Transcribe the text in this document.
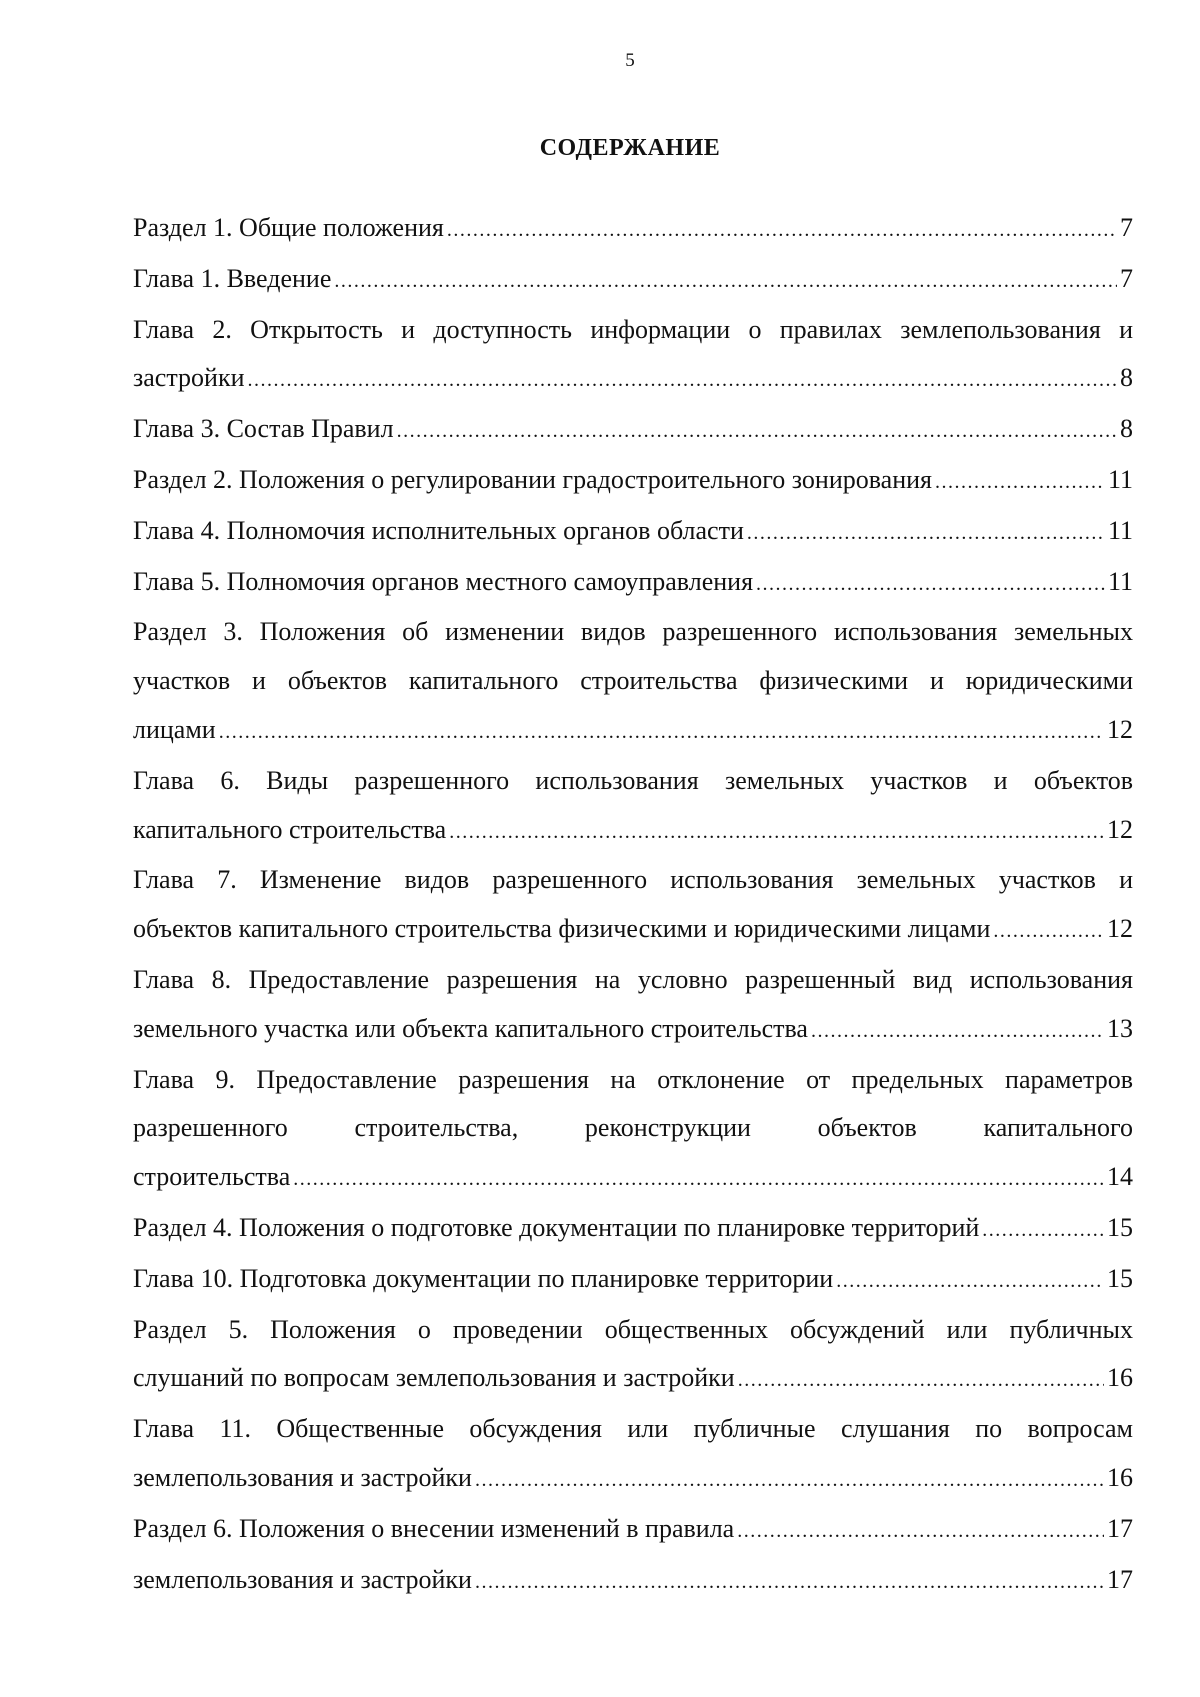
5
СОДЕРЖАНИЕ
Раздел 1. Общие положения .....	7
Глава 1. Введение .....	7
Глава 2. Открытость и доступность информации о правилах землепользования и
застройки .....	8
Глава 3. Состав Правил .....	8
Раздел 2. Положения о регулировании градостроительного зонирования .....	11
Глава 4. Полномочия исполнительных органов области .....	11
Глава 5. Полномочия органов местного самоуправления .....	11
Раздел 3. Положения об изменении видов разрешенного использования земельных
участков и объектов капитального строительства физическими и юридическими
лицами .....	12
Глава 6. Виды разрешенного использования земельных участков и объектов
капитального строительства .....	12
Глава 7. Изменение видов разрешенного использования земельных участков и
объектов капитального строительства физическими и юридическими лицами .....	12
Глава 8. Предоставление разрешения на условно разрешенный вид использования
земельного участка или объекта капитального строительства .....	13
Глава 9. Предоставление разрешения на отклонение от предельных параметров
разрешенного строительства, реконструкции объектов капитального
строительства .....	14
Раздел 4. Положения о подготовке документации по планировке территорий .....	15
Глава 10. Подготовка документации по планировке территории .....	15
Раздел 5. Положения о проведении общественных обсуждений или публичных
слушаний по вопросам землепользования и застройки .....	16
Глава 11. Общественные обсуждения или публичные слушания по вопросам
землепользования и застройки .....	16
Раздел 6. Положения о внесении изменений в правила .....	17
землепользования и застройки .....	17
